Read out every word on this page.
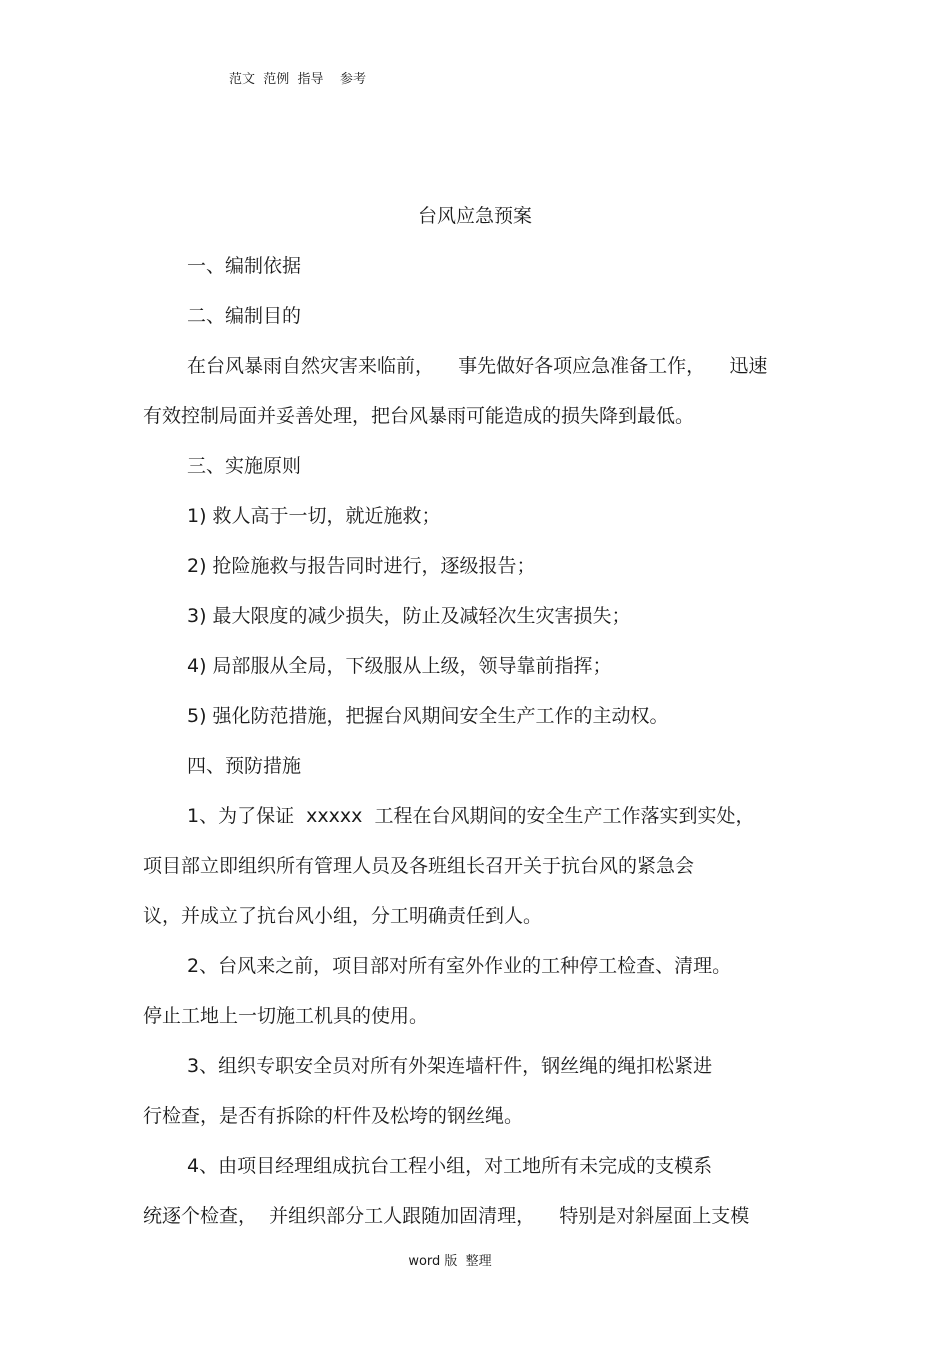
范文  范例  指导    参考
台风应急预案
一、编制依据
二、编制目的
在台风暴雨自然灾害来临前，    事先做好各项应急准备工作，    迅速
有效控制局面并妥善处理，把台风暴雨可能造成的损失降到最低。
三、实施原则
1) 救人高于一切，就近施救；
2) 抢险施救与报告同时进行，逐级报告；
3) 最大限度的减少损失，防止及减轻次生灾害损失；
4) 局部服从全局，下级服从上级，领导靠前指挥；
5) 强化防范措施，把握台风期间安全生产工作的主动权。
四、预防措施
1、为了保证  xxxxx  工程在台风期间的安全生产工作落实到实处，
项目部立即组织所有管理人员及各班组长召开关于抗台风的紧急会
议，并成立了抗台风小组，分工明确责任到人。
2、台风来之前，项目部对所有室外作业的工种停工检查、清理。
停止工地上一切施工机具的使用。
3、组织专职安全员对所有外架连墙杆件，钢丝绳的绳扣松紧进
行检查，是否有拆除的杆件及松垮的钢丝绳。
4、由项目经理组成抗台工程小组，对工地所有未完成的支模系
统逐个检查，  并组织部分工人跟随加固清理，    特别是对斜屋面上支模
word 版  整理
